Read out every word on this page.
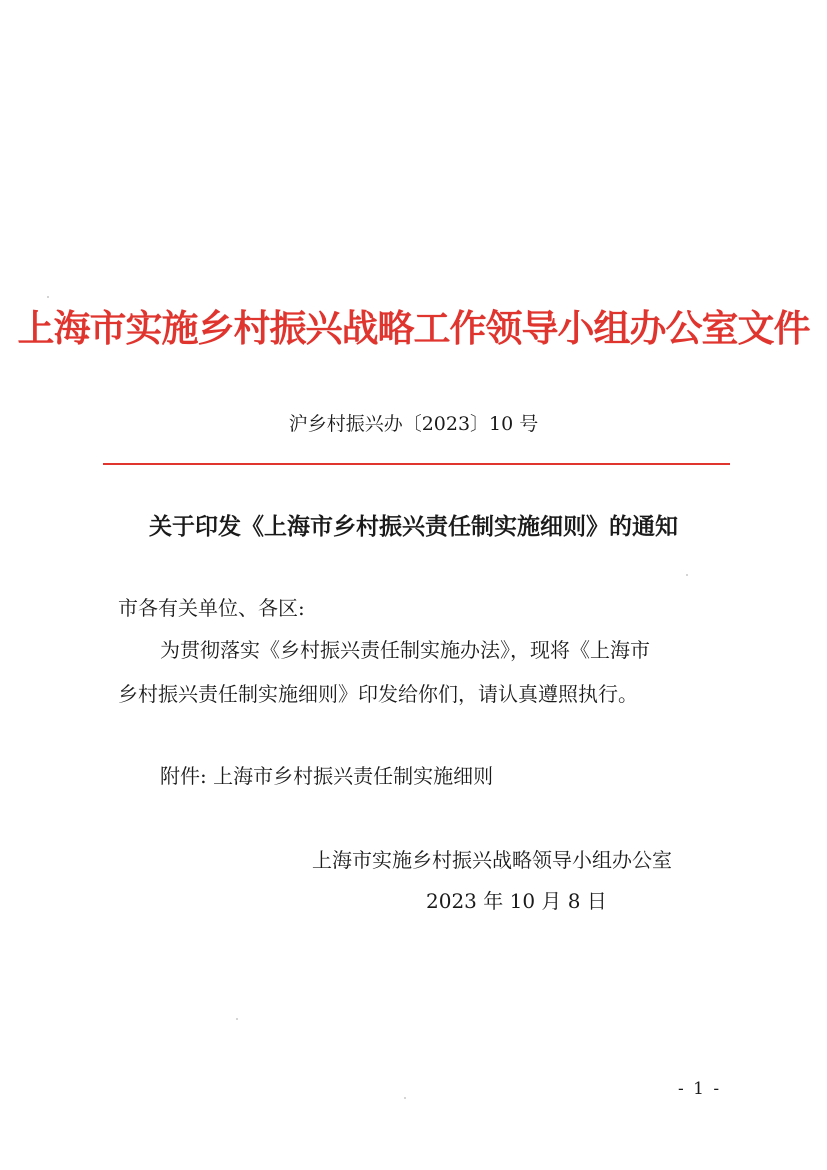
上海市实施乡村振兴战略工作领导小组办公室文件
沪乡村振兴办〔2023〕10 号
关于印发《上海市乡村振兴责任制实施细则》的通知
市各有关单位、各区:
为贯彻落实《乡村振兴责任制实施办法》，现将《上海市
乡村振兴责任制实施细则》印发给你们，请认真遵照执行。
附件: 上海市乡村振兴责任制实施细则
上海市实施乡村振兴战略领导小组办公室
2023 年 10 月 8 日
- 1 -
